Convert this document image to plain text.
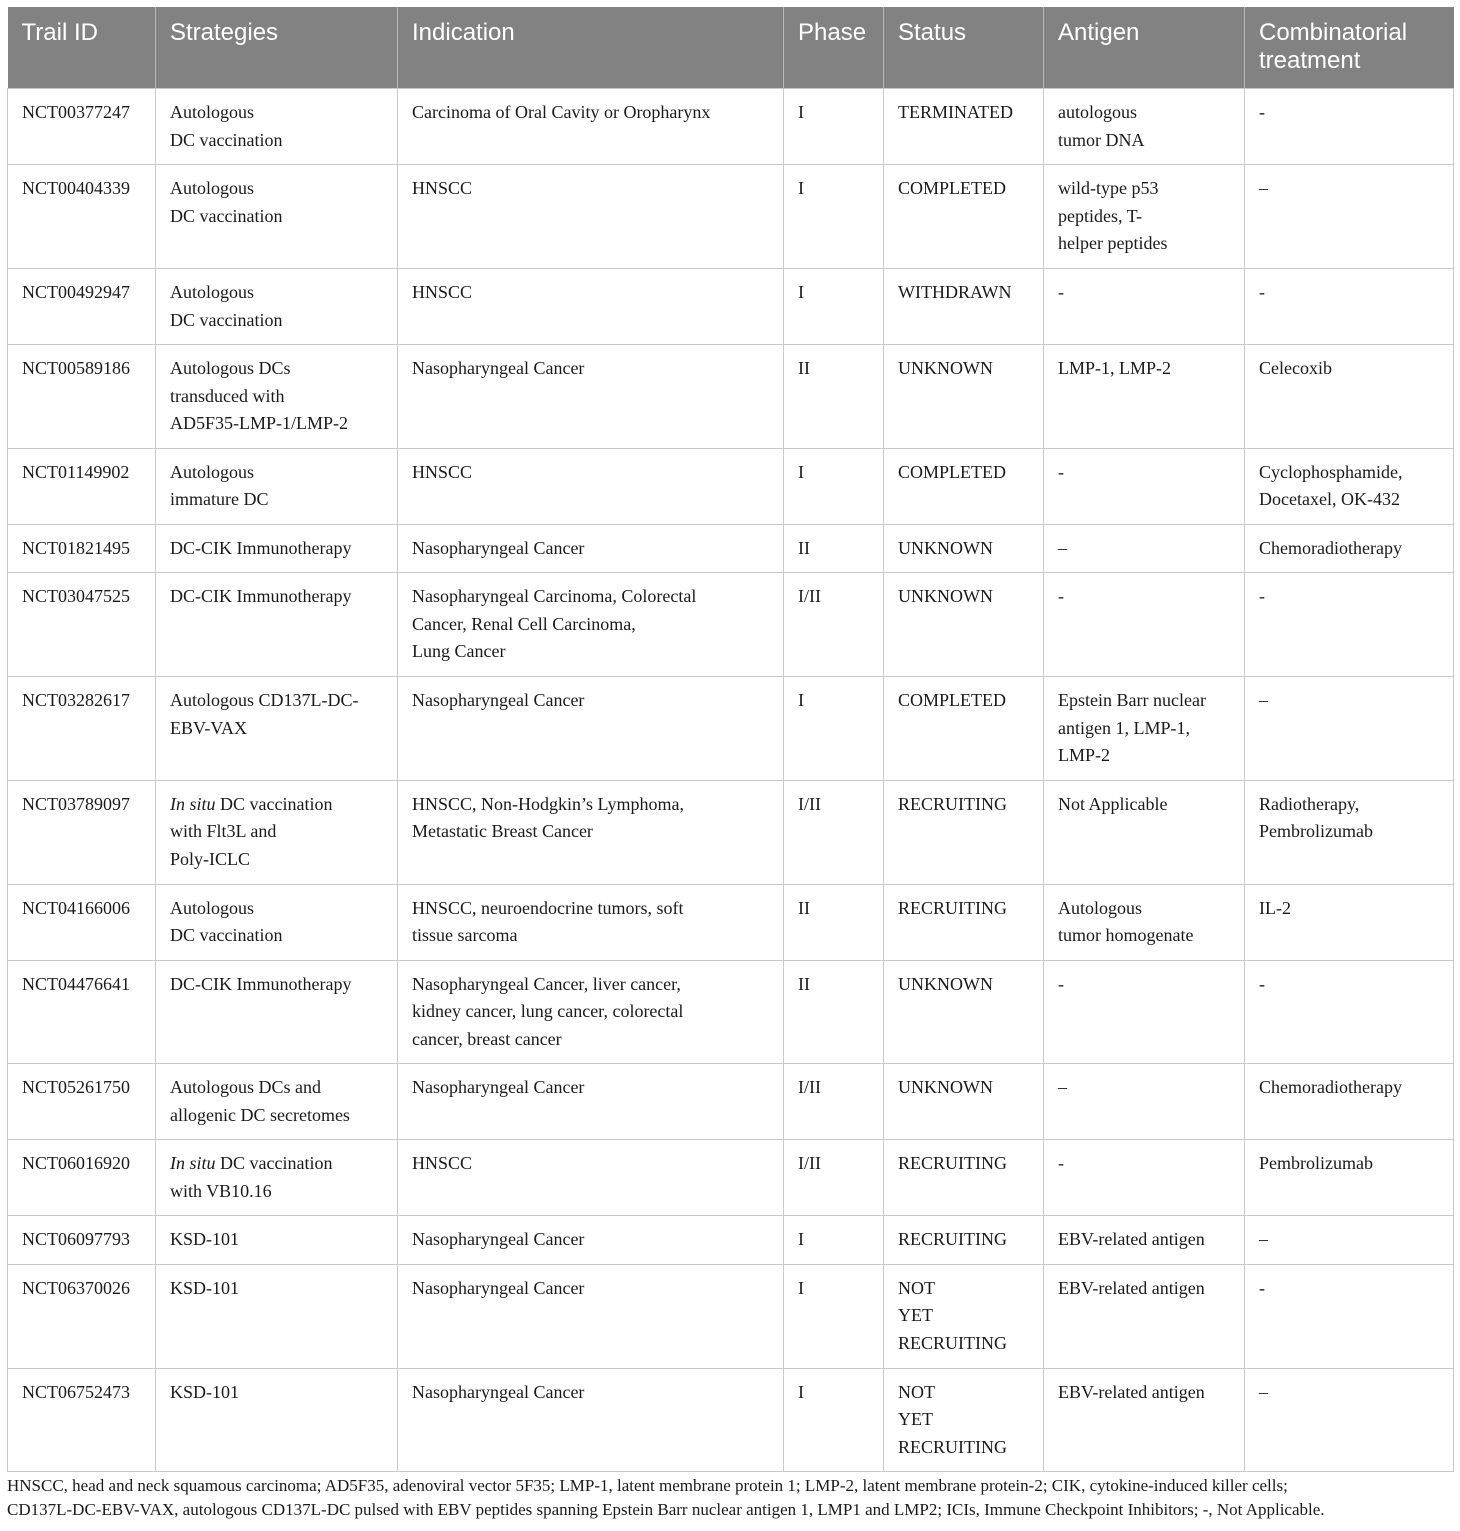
Trail ID	Strategies	Indication	Phase	Status	Antigen	Combinatorial
treatment

NCT00377247	Autologous
DC vaccination	Carcinoma of Oral Cavity or Oropharynx	I	TERMINATED	autologous
tumor DNA	-

NCT00404339	Autologous
DC vaccination	HNSCC	I	COMPLETED	wild-type p53
peptides, T-
helper peptides	–

NCT00492947	Autologous
DC vaccination	HNSCC	I	WITHDRAWN	-	-

NCT00589186	Autologous DCs
transduced with
AD5F35-LMP-1/LMP-2	Nasopharyngeal Cancer	II	UNKNOWN	LMP-1, LMP-2	Celecoxib

NCT01149902	Autologous
immature DC	HNSCC	I	COMPLETED	-	Cyclophosphamide,
Docetaxel, OK-432

NCT01821495	DC-CIK Immunotherapy	Nasopharyngeal Cancer	II	UNKNOWN	–	Chemoradiotherapy

NCT03047525	DC-CIK Immunotherapy	Nasopharyngeal Carcinoma, Colorectal
Cancer, Renal Cell Carcinoma,
Lung Cancer	I/II	UNKNOWN	-	-

NCT03282617	Autologous CD137L-DC-
EBV-VAX	Nasopharyngeal Cancer	I	COMPLETED	Epstein Barr nuclear
antigen 1, LMP-1,
LMP-2	–

NCT03789097	In situ DC vaccination
with Flt3L and
Poly-ICLC	HNSCC, Non-Hodgkin’s Lymphoma,
Metastatic Breast Cancer	I/II	RECRUITING	Not Applicable	Radiotherapy,
Pembrolizumab

NCT04166006	Autologous
DC vaccination	HNSCC, neuroendocrine tumors, soft
tissue sarcoma	II	RECRUITING	Autologous
tumor homogenate	IL-2

NCT04476641	DC-CIK Immunotherapy	Nasopharyngeal Cancer, liver cancer,
kidney cancer, lung cancer, colorectal
cancer, breast cancer	II	UNKNOWN	-	-

NCT05261750	Autologous DCs and
allogenic DC secretomes	Nasopharyngeal Cancer	I/II	UNKNOWN	–	Chemoradiotherapy

NCT06016920	In situ DC vaccination
with VB10.16	HNSCC	I/II	RECRUITING	-	Pembrolizumab

NCT06097793	KSD-101	Nasopharyngeal Cancer	I	RECRUITING	EBV-related antigen	–

NCT06370026	KSD-101	Nasopharyngeal Cancer	I	NOT
YET
RECRUITING	EBV-related antigen	-

NCT06752473	KSD-101	Nasopharyngeal Cancer	I	NOT
YET
RECRUITING	EBV-related antigen	–
HNSCC, head and neck squamous carcinoma; AD5F35, adenoviral vector 5F35; LMP-1, latent membrane protein 1; LMP-2, latent membrane protein-2; CIK, cytokine-induced killer cells;
CD137L-DC-EBV-VAX, autologous CD137L-DC pulsed with EBV peptides spanning Epstein Barr nuclear antigen 1, LMP1 and LMP2; ICIs, Immune Checkpoint Inhibitors; -, Not Applicable.
